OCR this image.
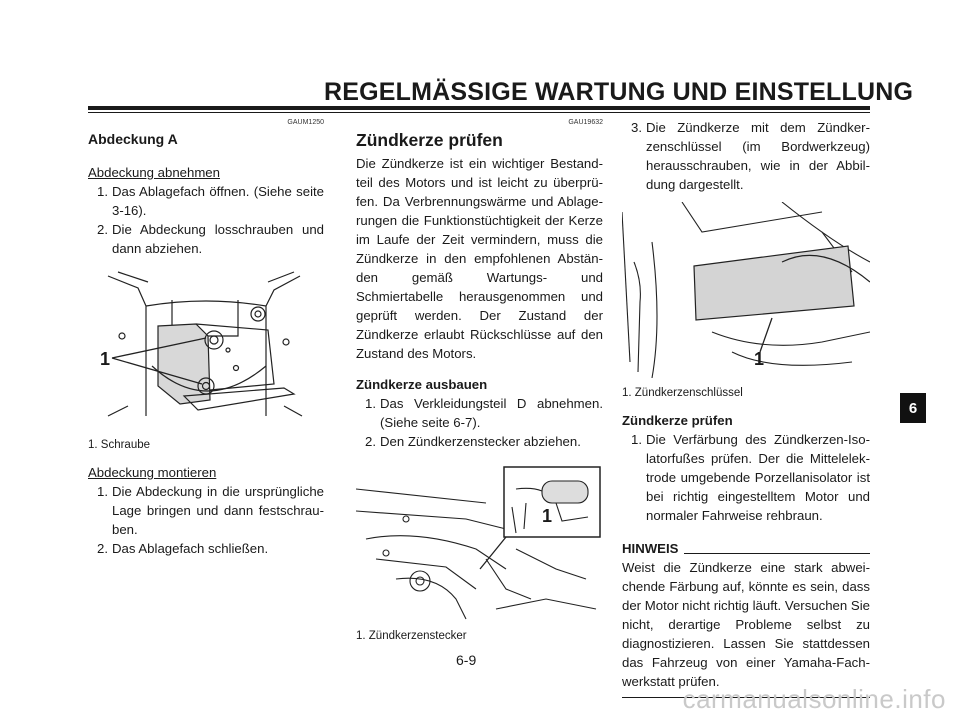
REGELMÄSSIGE WARTUNG UND EINSTELLUNG
GAUM1250
Abdeckung A
Abdeckung abnehmen
1. Das Ablagefach öffnen. (Siehe seite 3-16).
2. Die Abdeckung losschrauben und dann abziehen.
1
1. Schraube
Abdeckung montieren
1. Die Abdeckung in die ursprüngliche Lage bringen und dann festschrauben.
2. Das Ablagefach schließen.
GAU19632
Zündkerze prüfen

Die Zündkerze ist ein wichtiger Bestandteil des Motors und ist leicht zu überprüfen. Da Verbrennungswärme und Ablagerungen die Funktionstüchtigkeit der Kerze im Laufe der Zeit vermindern, muss die Zündkerze in den empfohlenen Abständen gemäß Wartungs- und Schmiertabelle herausgenommen und geprüft werden. Der Zustand der Zündkerze erlaubt Rückschlüsse auf den Zustand des Motors.

Zündkerze ausbauen
1. Das Verkleidungsteil D abnehmen. (Siehe seite 6-7).
2. Den Zündkerzenstecker abziehen.
1
1. Zündkerzenstecker
3. Die Zündkerze mit dem Zündkerzenschlüssel (im Bordwerkzeug) herausschrauben, wie in der Abbildung dargestellt.
1
1. Zündkerzenschlüssel
Zündkerze prüfen
1. Die Verfärbung des Zündkerzen-Isolatorfußes prüfen. Der die Mittelelektrode umgebende Porzellanisolator ist bei richtig eingestelltem Motor und normaler Fahrweise rehbraun.
HINWEIS

Weist die Zündkerze eine stark abweichende Färbung auf, könnte es sein, dass der Motor nicht richtig läuft. Versuchen Sie nicht, derartige Probleme selbst zu diagnostizieren. Lassen Sie stattdessen das Fahrzeug von einer Yamaha-Fachwerkstatt prüfen.

6
6-9
carmanualsonline.info
